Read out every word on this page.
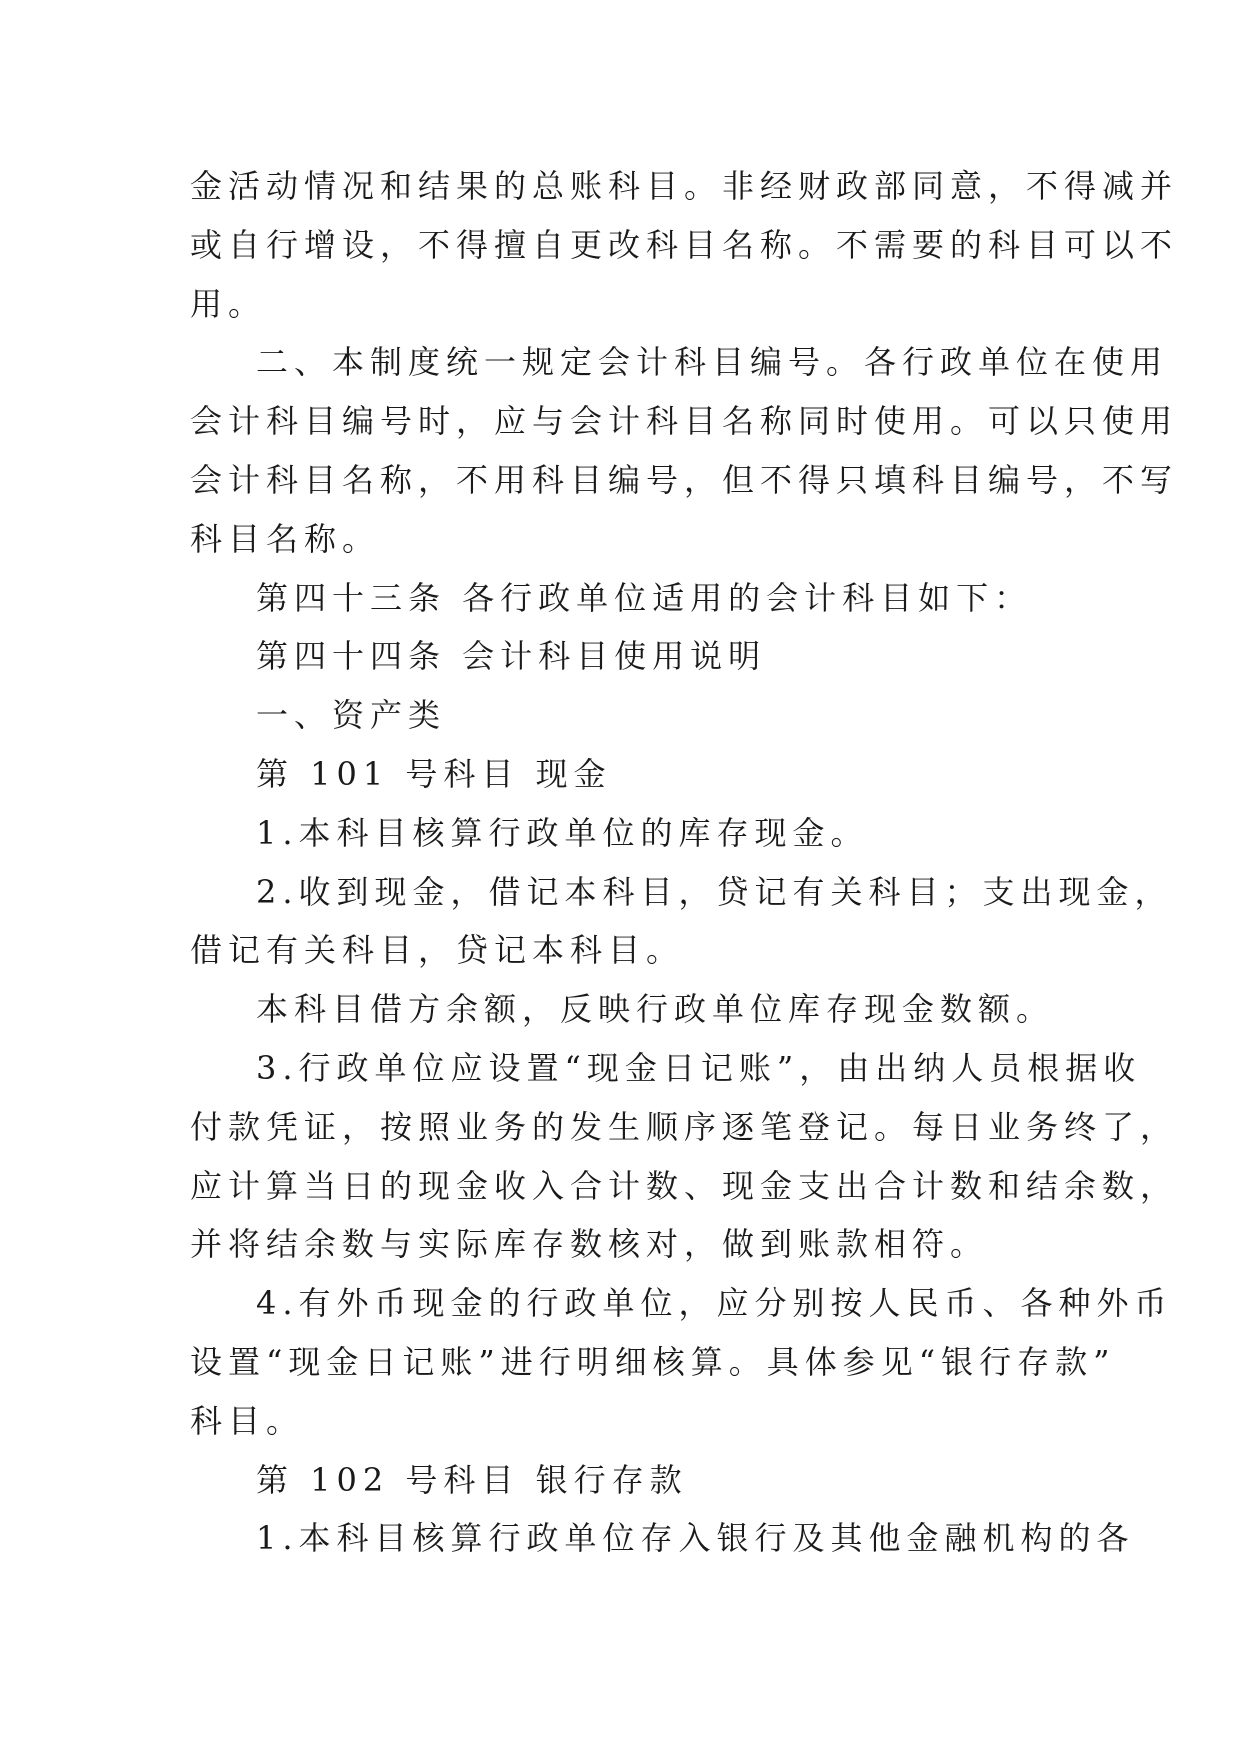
金活动情况和结果的总账科目。非经财政部同意，不得减并
或自行增设，不得擅自更改科目名称。不需要的科目可以不
用。
二、本制度统一规定会计科目编号。各行政单位在使用
会计科目编号时，应与会计科目名称同时使用。可以只使用
会计科目名称，不用科目编号，但不得只填科目编号，不写
科目名称。
第四十三条 各行政单位适用的会计科目如下：
第四十四条 会计科目使用说明
一、资产类
第 101 号科目 现金
1.本科目核算行政单位的库存现金。
2.收到现金，借记本科目，贷记有关科目；支出现金，
借记有关科目，贷记本科目。
本科目借方余额，反映行政单位库存现金数额。
3.行政单位应设置“现金日记账”，由出纳人员根据收
付款凭证，按照业务的发生顺序逐笔登记。每日业务终了，
应计算当日的现金收入合计数、现金支出合计数和结余数，
并将结余数与实际库存数核对，做到账款相符。
4.有外币现金的行政单位，应分别按人民币、各种外币
设置“现金日记账”进行明细核算。具体参见“银行存款”
科目。
第 102 号科目 银行存款
1.本科目核算行政单位存入银行及其他金融机构的各
